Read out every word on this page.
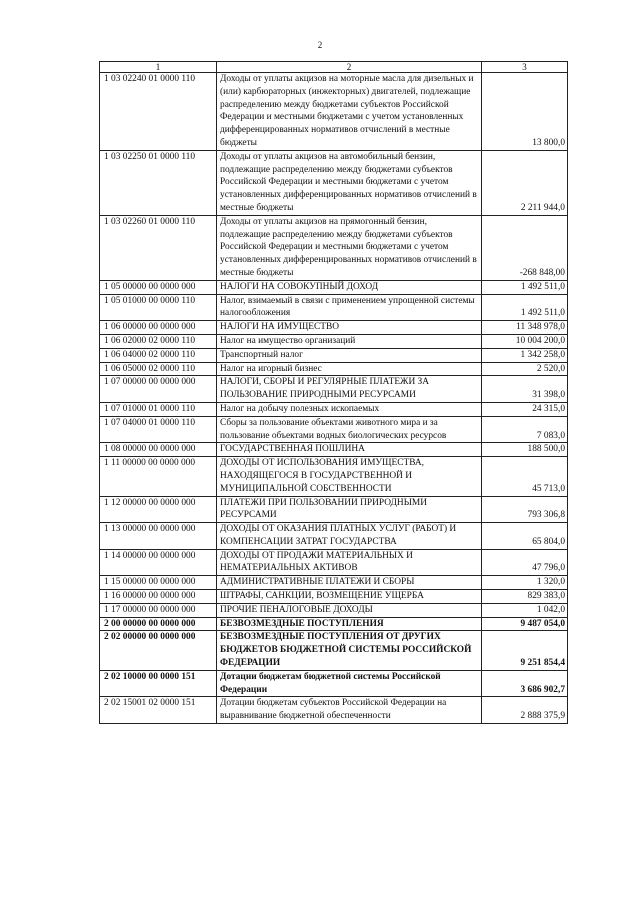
2
1	2	3
1 03 02240 01 0000 110	Доходы от уплаты акцизов на моторные масла для дизельных и (или) карбюраторных (инжекторных) двигателей, подлежащие распределению между бюджетами субъектов Российской Федерации и местными бюджетами с учетом установленных дифференцированных нормативов отчислений в местные бюджеты	13 800,0
1 03 02250 01 0000 110	Доходы от уплаты акцизов на автомобильный бензин, подлежащие распределению между бюджетами субъектов Российской Федерации и местными бюджетами с учетом установленных дифференцированных нормативов отчислений в местные бюджеты	2 211 944,0
1 03 02260 01 0000 110	Доходы от уплаты акцизов на прямогонный бензин, подлежащие распределению между бюджетами субъектов Российской Федерации и местными бюджетами с учетом установленных дифференцированных нормативов отчислений в местные бюджеты	-268 848,00
1 05 00000 00 0000 000	НАЛОГИ НА СОВОКУПНЫЙ ДОХОД	1 492 511,0
1 05 01000 00 0000 110	Налог, взимаемый в связи с применением упрощенной системы налогообложения	1 492 511,0
1 06 00000 00 0000 000	НАЛОГИ НА ИМУЩЕСТВО	11 348 978,0
1 06 02000 02 0000 110	Налог на имущество организаций	10 004 200,0
1 06 04000 02 0000 110	Транспортный налог	1 342 258,0
1 06 05000 02 0000 110	Налог на игорный бизнес	2 520,0
1 07 00000 00 0000 000	НАЛОГИ, СБОРЫ И РЕГУЛЯРНЫЕ ПЛАТЕЖИ ЗА ПОЛЬЗОВАНИЕ ПРИРОДНЫМИ РЕСУРСАМИ	31 398,0
1 07 01000 01 0000 110	Налог на добычу полезных ископаемых	24 315,0
1 07 04000 01 0000 110	Сборы за пользование объектами животного мира и за пользование объектами водных биологических ресурсов	7 083,0
1 08 00000 00 0000 000	ГОСУДАРСТВЕННАЯ ПОШЛИНА	188 500,0
1 11 00000 00 0000 000	ДОХОДЫ ОТ ИСПОЛЬЗОВАНИЯ ИМУЩЕСТВА, НАХОДЯЩЕГОСЯ В ГОСУДАРСТВЕННОЙ И МУНИЦИПАЛЬНОЙ СОБСТВЕННОСТИ	45 713,0
1 12 00000 00 0000 000	ПЛАТЕЖИ ПРИ ПОЛЬЗОВАНИИ ПРИРОДНЫМИ РЕСУРСАМИ	793 306,8
1 13 00000 00 0000 000	ДОХОДЫ ОТ ОКАЗАНИЯ ПЛАТНЫХ УСЛУГ (РАБОТ) И КОМПЕНСАЦИИ ЗАТРАТ ГОСУДАРСТВА	65 804,0
1 14 00000 00 0000 000	ДОХОДЫ ОТ ПРОДАЖИ МАТЕРИАЛЬНЫХ И НЕМАТЕРИАЛЬНЫХ АКТИВОВ	47 796,0
1 15 00000 00 0000 000	АДМИНИСТРАТИВНЫЕ ПЛАТЕЖИ И СБОРЫ	1 320,0
1 16 00000 00 0000 000	ШТРАФЫ, САНКЦИИ, ВОЗМЕЩЕНИЕ УЩЕРБА	829 383,0
1 17 00000 00 0000 000	ПРОЧИЕ ПЕНАЛОГОВЫЕ ДОХОДЫ	1 042,0
2 00 00000 00 0000 000	БЕЗВОЗМЕЗДНЫЕ ПОСТУПЛЕНИЯ	9 487 054,0
2 02 00000 00 0000 000	БЕЗВОЗМЕЗДНЫЕ ПОСТУПЛЕНИЯ ОТ ДРУГИХ БЮДЖЕТОВ БЮДЖЕТНОЙ СИСТЕМЫ РОССИЙСКОЙ ФЕДЕРАЦИИ	9 251 854,4
2 02 10000 00 0000 151	Дотации бюджетам бюджетной системы Российской Федерации	3 686 902,7
2 02 15001 02 0000 151	Дотации бюджетам субъектов Российской Федерации на выравнивание бюджетной обеспеченности	2 888 375,9
